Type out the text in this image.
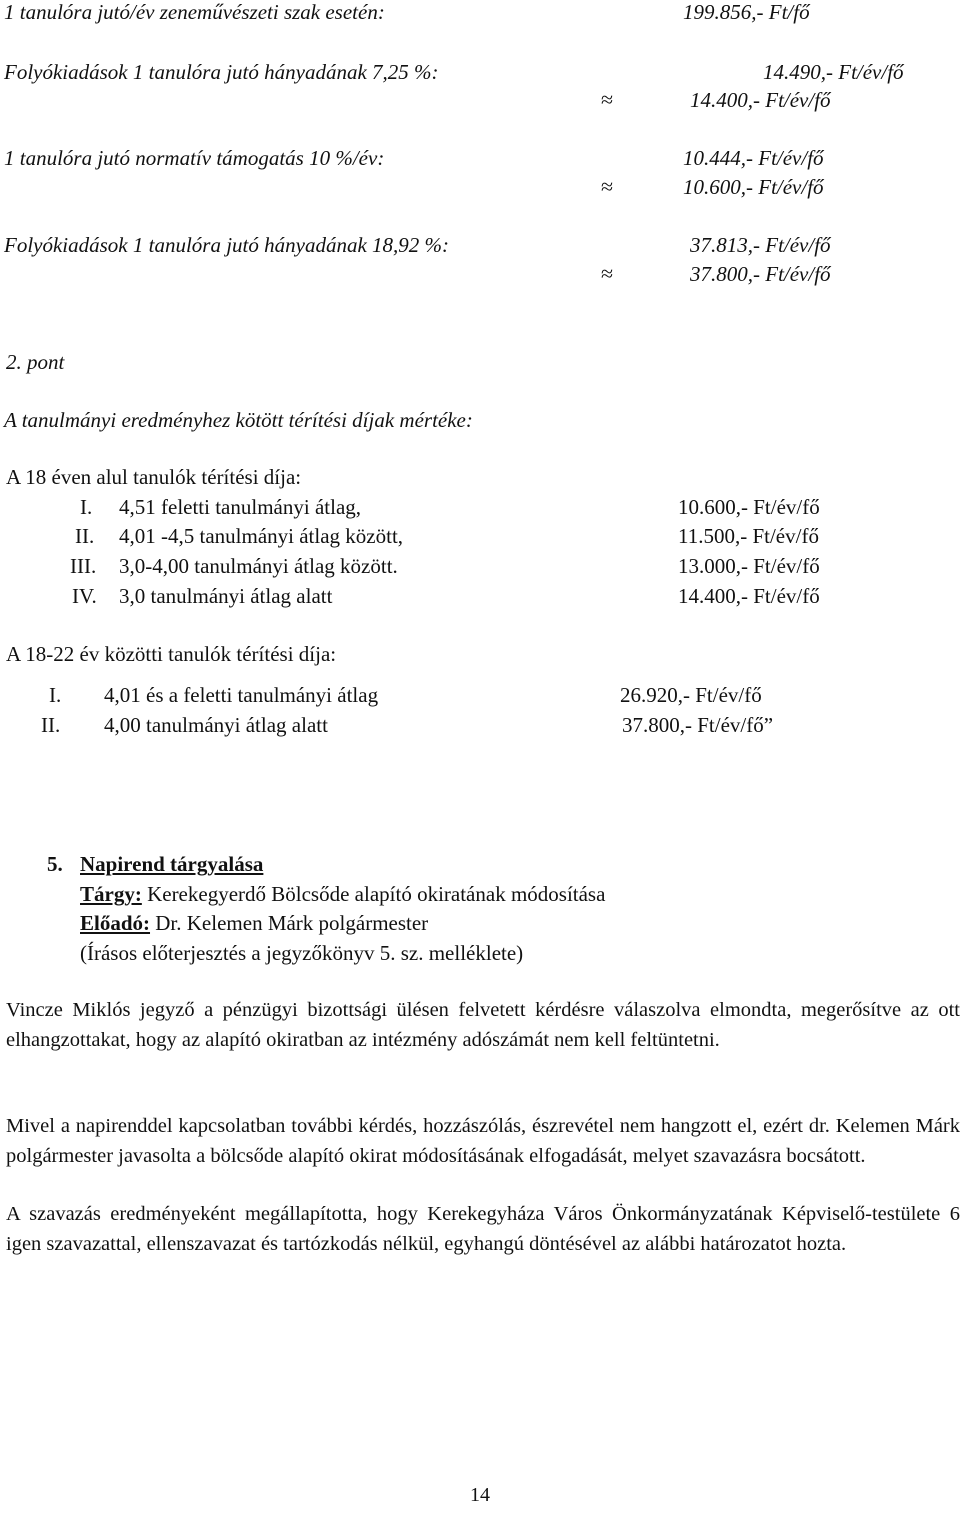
1 tanulóra jutó/év zeneművészeti szak esetén:	199.856,- Ft/fő
Folyókiadások 1 tanulóra jutó hányadának 7,25 %:	14.490,- Ft/év/fő
≈	14.400,- Ft/év/fő
1 tanulóra jutó normatív támogatás 10 %/év:	10.444,- Ft/év/fő
≈	10.600,- Ft/év/fő
Folyókiadások 1 tanulóra jutó hányadának 18,92 %:	37.813,- Ft/év/fő
≈	37.800,- Ft/év/fő
2. pont
A tanulmányi eredményhez kötött térítési díjak mértéke:
A 18 éven alul tanulók térítési díja:
I. 4,51 feletti tanulmányi átlag,	10.600,- Ft/év/fő
II. 4,01 -4,5 tanulmányi átlag között,	11.500,- Ft/év/fő
III. 3,0-4,00 tanulmányi átlag között.	13.000,- Ft/év/fő
IV. 3,0 tanulmányi átlag alatt	14.400,- Ft/év/fő
A 18-22 év közötti tanulók térítési díja:
I. 4,01 és a feletti tanulmányi átlag	26.920,- Ft/év/fő
II. 4,00 tanulmányi átlag alatt	37.800,- Ft/év/fő”
5. Napirend tárgyalása
Tárgy: Kerekegyerdő Bölcsőde alapító okiratának módosítása
Előadó: Dr. Kelemen Márk polgármester
(Írásos előterjesztés a jegyzőkönyv 5. sz. melléklete)

Vincze Miklós jegyző a pénzügyi bizottsági ülésen felvetett kérdésre válaszolva elmondta, megerősítve az ott elhangzottakat, hogy az alapító okiratban az intézmény adószámát nem kell feltüntetni.

Mivel a napirenddel kapcsolatban további kérdés, hozzászólás, észrevétel nem hangzott el, ezért dr. Kelemen Márk polgármester javasolta a bölcsőde alapító okirat módosításának elfogadását, melyet szavazásra bocsátott.

A szavazás eredményeként megállapította, hogy Kerekegyháza Város Önkormányzatának Képviselő-testülete 6 igen szavazattal, ellenszavazat és tartózkodás nélkül, egyhangú döntésével az alábbi határozatot hozta.

14
